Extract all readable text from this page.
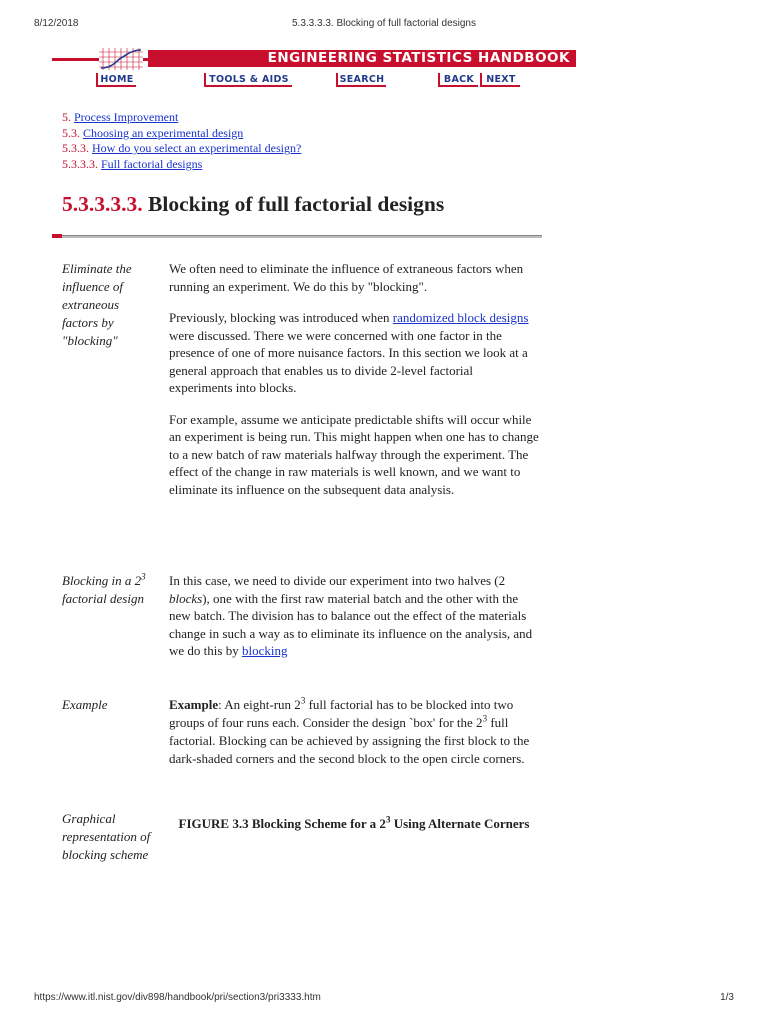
8/12/2018	5.3.3.3.3. Blocking of full factorial designs
ENGINEERING STATISTICS HANDBOOK
HOME	TOOLS & AIDS	SEARCH	BACK	NEXT
5. Process Improvement
5.3. Choosing an experimental design
5.3.3. How do you select an experimental design?
5.3.3.3. Full factorial designs
5.3.3.3.3. Blocking of full factorial designs
Eliminate the influence of extraneous factors by "blocking"

We often need to eliminate the influence of extraneous factors when running an experiment. We do this by "blocking".

Previously, blocking was introduced when randomized block designs were discussed. There we were concerned with one factor in the presence of one of more nuisance factors. In this section we look at a general approach that enables us to divide 2-level factorial experiments into blocks.

For example, assume we anticipate predictable shifts will occur while an experiment is being run. This might happen when one has to change to a new batch of raw materials halfway through the experiment. The effect of the change in raw materials is well known, and we want to eliminate its influence on the subsequent data analysis.

Blocking in a $2^3$ factorial design

In this case, we need to divide our experiment into two halves (2 blocks), one with the first raw material batch and the other with the new batch. The division has to balance out the effect of the materials change in such a way as to eliminate its influence on the analysis, and we do this by blocking

Example	Example: An eight-run $2^3$ full factorial has to be blocked into two groups of four runs each. Consider the design `box' for the $2^3$ full factorial. Blocking can be achieved by assigning the first block to the dark-shaded corners and the second block to the open circle corners.

Graphical representation of blocking scheme
FIGURE 3.3 Blocking Scheme for a $2^3$ Using Alternate Corners
https://www.itl.nist.gov/div898/handbook/pri/section3/pri3333.htm	1/3
